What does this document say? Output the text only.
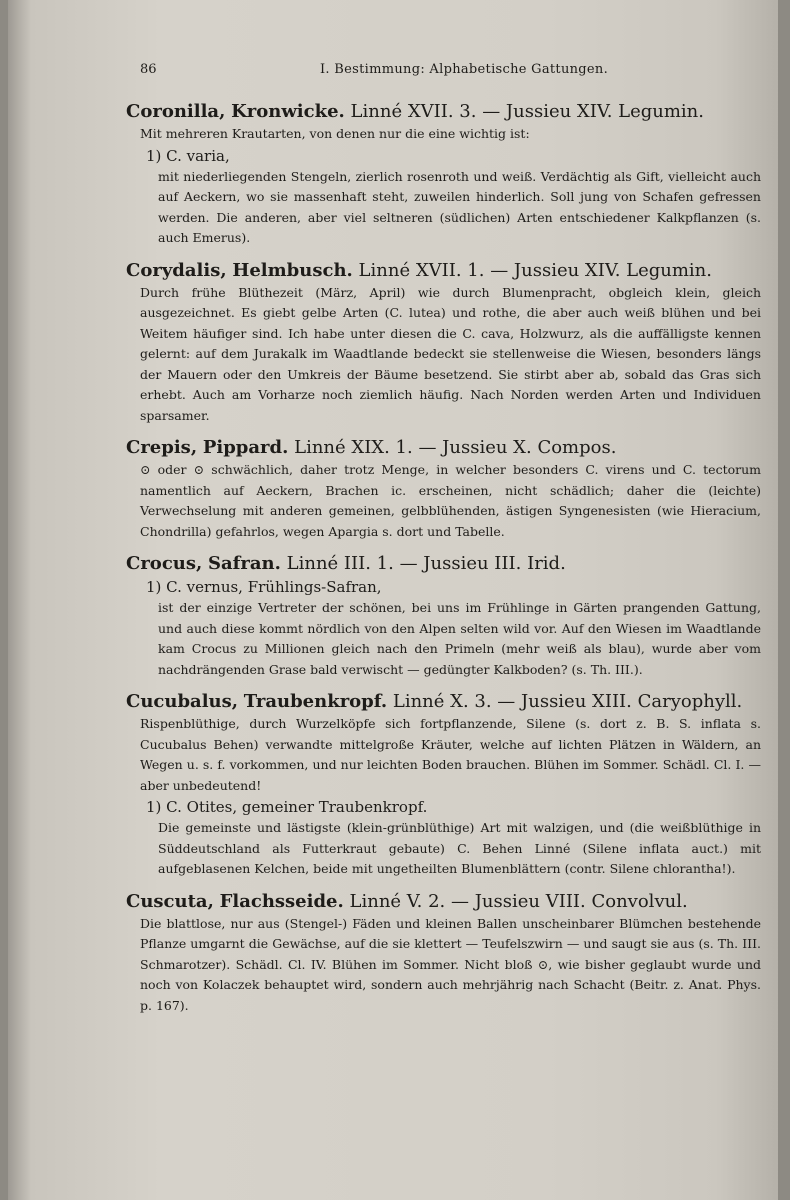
86	I. Bestimmung: Alphabetische Gattungen.
Coronilla, Kronwicke. Linné XVII. 3. — Jussieu XIV. Legumin.
Mit mehreren Krautarten, von denen nur die eine wichtig ist:
1) C. varia,
mit niederliegenden Stengeln, zierlich rosenroth und weiß. Verdächtig als Gift, vielleicht auch auf Aeckern, wo sie massenhaft steht, zuweilen hinderlich. Soll jung von Schafen gefressen werden. Die anderen, aber viel seltneren (südlichen) Arten entschiedener Kalkpflanzen (s. auch Emerus).
Corydalis, Helmbusch. Linné XVII. 1. — Jussieu XIV. Legumin.
Durch frühe Blüthezeit (März, April) wie durch Blumenpracht, obgleich klein, gleich ausgezeichnet. Es giebt gelbe Arten (C. lutea) und rothe, die aber auch weiß blühen und bei Weitem häufiger sind. Ich habe unter diesen die C. cava, Holzwurz, als die auffälligste kennen gelernt: auf dem Jurakalk im Waadtlande bedeckt sie stellenweise die Wiesen, besonders längs der Mauern oder den Umkreis der Bäume besetzend. Sie stirbt aber ab, sobald das Gras sich erhebt. Auch am Vorharze noch ziemlich häufig. Nach Norden werden Arten und Individuen sparsamer.
Crepis, Pippard. Linné XIX. 1. — Jussieu X. Compos.
⊙ oder ⊙ schwächlich, daher trotz Menge, in welcher besonders C. virens und C. tectorum namentlich auf Aeckern, Brachen ic. erscheinen, nicht schädlich; daher die (leichte) Verwechselung mit anderen gemeinen, gelbblühenden, ästigen Syngenesisten (wie Hieracium, Chondrilla) gefahrlos, wegen Apargia s. dort und Tabelle.
Crocus, Safran. Linné III. 1. — Jussieu III. Irid.
1) C. vernus, Frühlings-Safran,
ist der einzige Vertreter der schönen, bei uns im Frühlinge in Gärten prangenden Gattung, und auch diese kommt nördlich von den Alpen selten wild vor. Auf den Wiesen im Waadtlande kam Crocus zu Millionen gleich nach den Primeln (mehr weiß als blau), wurde aber vom nachdrängenden Grase bald verwischt — gedüngter Kalkboden? (s. Th. III.).
Cucubalus, Traubenkropf. Linné X. 3. — Jussieu XIII. Caryophyll.
Rispenblüthige, durch Wurzelköpfe sich fortpflanzende, Silene (s. dort z. B. S. inflata s. Cucubalus Behen) verwandte mittelgroße Kräuter, welche auf lichten Plätzen in Wäldern, an Wegen u. s. f. vorkommen, und nur leichten Boden brauchen. Blühen im Sommer. Schädl. Cl. I. — aber unbedeutend!
1) C. Otites, gemeiner Traubenkropf.
Die gemeinste und lästigste (klein-grünblüthige) Art mit walzigen, und (die weißblüthige in Süddeutschland als Futterkraut gebaute) C. Behen Linné (Silene inflata auct.) mit aufgeblasenen Kelchen, beide mit ungetheilten Blumenblättern (contr. Silene chlorantha!).
Cuscuta, Flachsseide. Linné V. 2. — Jussieu VIII. Convolvul.
Die blattlose, nur aus (Stengel-) Fäden und kleinen Ballen unscheinbarer Blümchen bestehende Pflanze umgarnt die Gewächse, auf die sie klettert — Teufelszwirn — und saugt sie aus (s. Th. III. Schmarotzer). Schädl. Cl. IV. Blühen im Sommer. Nicht bloß ⊙, wie bisher geglaubt wurde und noch von Kolaczek behauptet wird, sondern auch mehrjährig nach Schacht (Beitr. z. Anat. Phys. p. 167).
